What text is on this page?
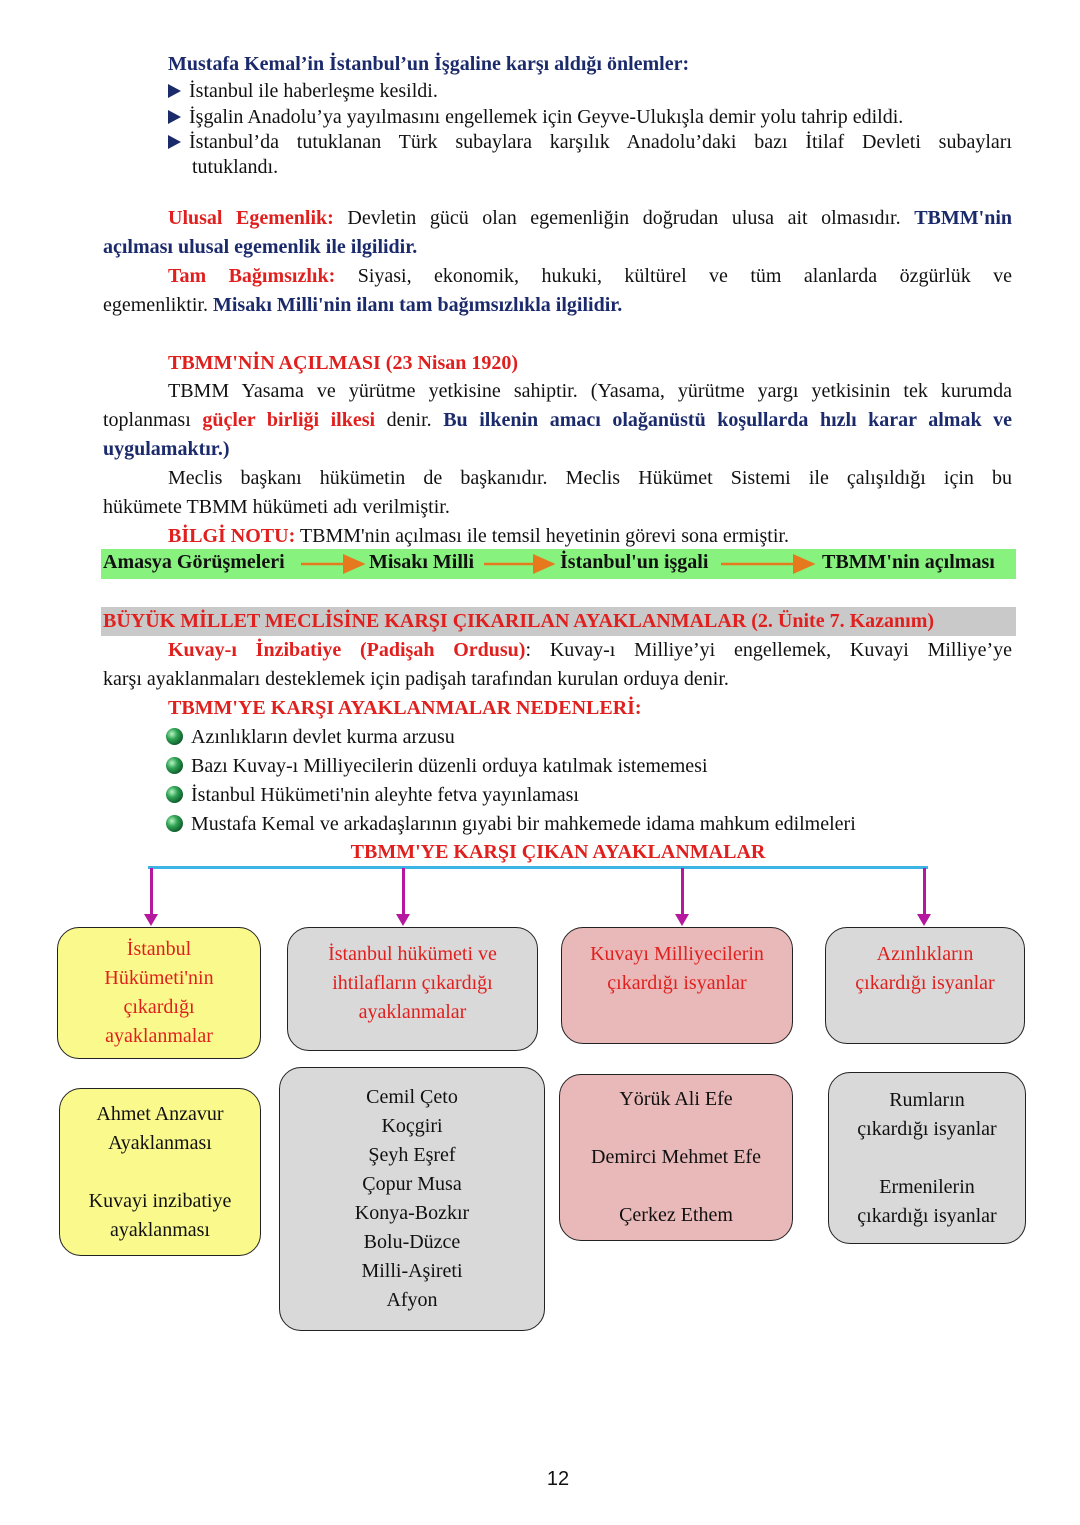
Mustafa Kemal’in İstanbul’un İşgaline karşı aldığı önlemler:
İstanbul ile haberleşme kesildi.
İşgalin Anadolu’ya yayılmasını engellemek için Geyve-Ulukışla demir yolu tahrip edildi.
İstanbul’da tutuklanan Türk subaylara karşılık Anadolu’daki bazı İtilaf Devleti subayları
tutuklandı.
Ulusal Egemenlik: Devletin gücü olan egemenliğin doğrudan ulusa ait olmasıdır. TBMM'nin
açılması ulusal egemenlik ile ilgilidir.
Tam Bağımsızlık: Siyasi, ekonomik, hukuki, kültürel ve tüm alanlarda özgürlük ve
egemenliktir. Misakı Milli'nin ilanı tam bağımsızlıkla ilgilidir.
TBMM'NİN AÇILMASI (23 Nisan 1920)
TBMM Yasama ve yürütme yetkisine sahiptir. (Yasama, yürütme yargı yetkisinin tek kurumda
toplanması güçler birliği ilkesi denir. Bu ilkenin amacı olağanüstü koşullarda hızlı karar almak ve
uygulamaktır.)
Meclis başkanı hükümetin de başkanıdır. Meclis Hükümet Sistemi ile çalışıldığı için bu
hükümete TBMM hükümeti adı verilmiştir.
BİLGİ NOTU: TBMM'nin açılması ile temsil heyetinin görevi sona ermiştir.
Amasya Görüşmeleri	Misakı Milli	İstanbul'un işgali	TBMM'nin açılması
BÜYÜK MİLLET MECLİSİNE KARŞI ÇIKARILAN AYAKLANMALAR (2. Ünite 7. Kazanım)
Kuvay-ı İnzibatiye (Padişah Ordusu): Kuvay-ı Milliye’yi engellemek, Kuvayi Milliye’ye
karşı ayaklanmaları desteklemek için padişah tarafından kurulan orduya denir.
TBMM'YE KARŞI AYAKLANMALAR NEDENLERİ:
Azınlıkların devlet kurma arzusu
Bazı Kuvay-ı Milliyecilerin düzenli orduya katılmak istememesi
İstanbul Hükümeti'nin aleyhte fetva yayınlaması
Mustafa Kemal ve arkadaşlarının gıyabi bir mahkemede idama mahkum edilmeleri
TBMM'YE KARŞI ÇIKAN AYAKLANMALAR
İstanbul
Hükümeti'nin
çıkardığı
ayaklanmalar
İstanbul hükümeti ve
ihtilafların çıkardığı
ayaklanmalar
Kuvayı Milliyecilerin
çıkardığı isyanlar
Azınlıkların
çıkardığı isyanlar
Ahmet Anzavur
Ayaklanması
Kuvayi inzibatiye
ayaklanması
Cemil Çeto
Koçgiri
Şeyh Eşref
Çopur Musa
Konya-Bozkır
Bolu-Düzce
Milli-Aşireti
Afyon
Yörük Ali Efe
Demirci Mehmet Efe
Çerkez Ethem
Rumların
çıkardığı isyanlar
Ermenilerin
çıkardığı isyanlar
12
